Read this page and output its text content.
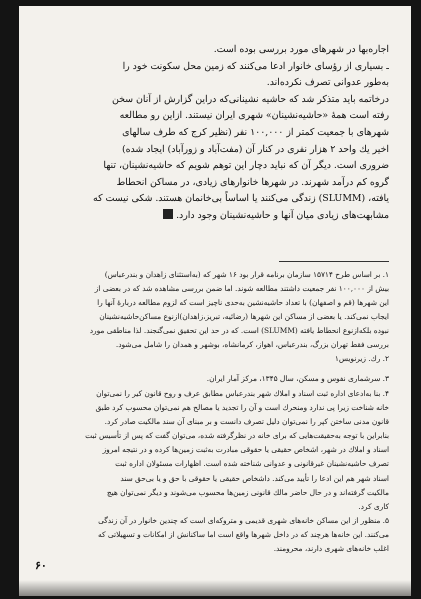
اجاره‌بها در شهرهای مورد بررسی بوده است.

ـ بسیاری از رؤسای خانوار ادعا می‌کنند که زمین محل سکونت خود را

به‌طور عدوانی تصرف نکرده‌اند.

درخاتمه باید متذکر شد که حاشیه نشینانی‌که دراین گزارش از آنان سخن

رفته است همهٔ «حاشیه‌نشینان» شهری ایران نیستند. ازاین رو مطالعه

شهرهای با جمعیت کمتر از ۱۰۰,۰۰۰ نفر (نظیر کرج که طرف سالهای

اخیر یك واحد ۲ هزار نفری در کنار آن (مفت‌آباد و زورآباد) ایجاد شده)

ضروری است. دیگر آن که نباید دچار این توهم شویم که حاشیه‌نشینان، تنها

گروه کم درآمد شهرند. در شهرها خانوارهای زیادی، در مساکن انحطاط

یافته، (SLUMM) زندگی می‌کنند یا اساساً بی‌خانمان هستند. شکی نیست که

مشابهت‌های زیادی میان آنها و حاشیه‌نشینان وجود دارد.

۱. بر اساس طرح ۱۵۷۱۴ سازمان برنامه قرار بود ۱۶ شهر که (به‌استثنای زاهدان و بندرعباس)

بیش از ۱۰۰,۰۰۰ نفر جمعیت داشتند مطالعه شوند. اما ضمن بررسی مشاهده شد که در بعضی از

این شهرها (قم و اصفهان) با تعداد حاشیه‌نشین به‌حدی ناچیز است که لزوم مطالعه دربارهٔ آنها را

ایجاب نمی‌کند. یا بعضی از مساکن این شهرها (رضائیه، تبریز،زاهدان)ازنوع مساکن‌حاشیه‌نشینان

نبوده بلکه‌ازنوع انحطاط یافته (SLUMM) است. که در حد این تحقیق نمی‌گنجند. لذا مناطقی مورد

بررسی فقط تهران بزرگ، بندرعباس، اهواز، کرمانشاه، بوشهر و همدان را شامل می‌شود.

۲. رك. زیرنویس۱

۳. سرشماری نفوس و مسکن، سال ۱۳۴۵، مرکز آمار ایران.

۴. بنا به‌ادعای اداره ثبت اسناد و املاك شهر بندرعباس مطابق عرف و روح قانون کیر را نمی‌توان

خانه شناخت زیرا پی ندارد ومنحرك است و آن را تجدید یا مصالح هم نمی‌توان محسوب کرد طبق

قانون مدنی ساختن کپر را نمی‌توان دلیل تصرف دانست و بر مبنای آن سند مالکیت صادر کرد.

بنابراین با توجه به‌حقیقت‌هایی که برای خانه در نظرگرفته شده، می‌توان گفت که پس از تأسیس ثبت

اسناد و املاك در شهر، اشخاص حقیقی یا حقوقی مبادرت به‌ثبت زمین‌ها کرده و در نتیجه امروز

تصرف حاشیه‌نشینان غیرقانونی و عدوانی شناخته شده است. اظهارات مسئولان اداره ثبت

اسناد شهر هم این ادعا را تأیید می‌کند. داشخاص حقیقی یا حقوقی با حق و یا بی‌حق سند

مالکیت گرفته‌اند و در حال حاضر مالك قانونی زمین‌ها محسوب می‌شوند و دیگر نمی‌توان هیچ

کاری کرد.

۵. منظور از این مساکن خانه‌های شهری قدیمی و متروکه‌ای است که چندین خانوار در آن زندگی

می‌کنند. این خانه‌ها هرچند که در داخل شهرها واقع است اما ساکنانش از امکانات و تسهیلاتی که

اغلب خانه‌های شهری دارند، محرومند.

۶۰
